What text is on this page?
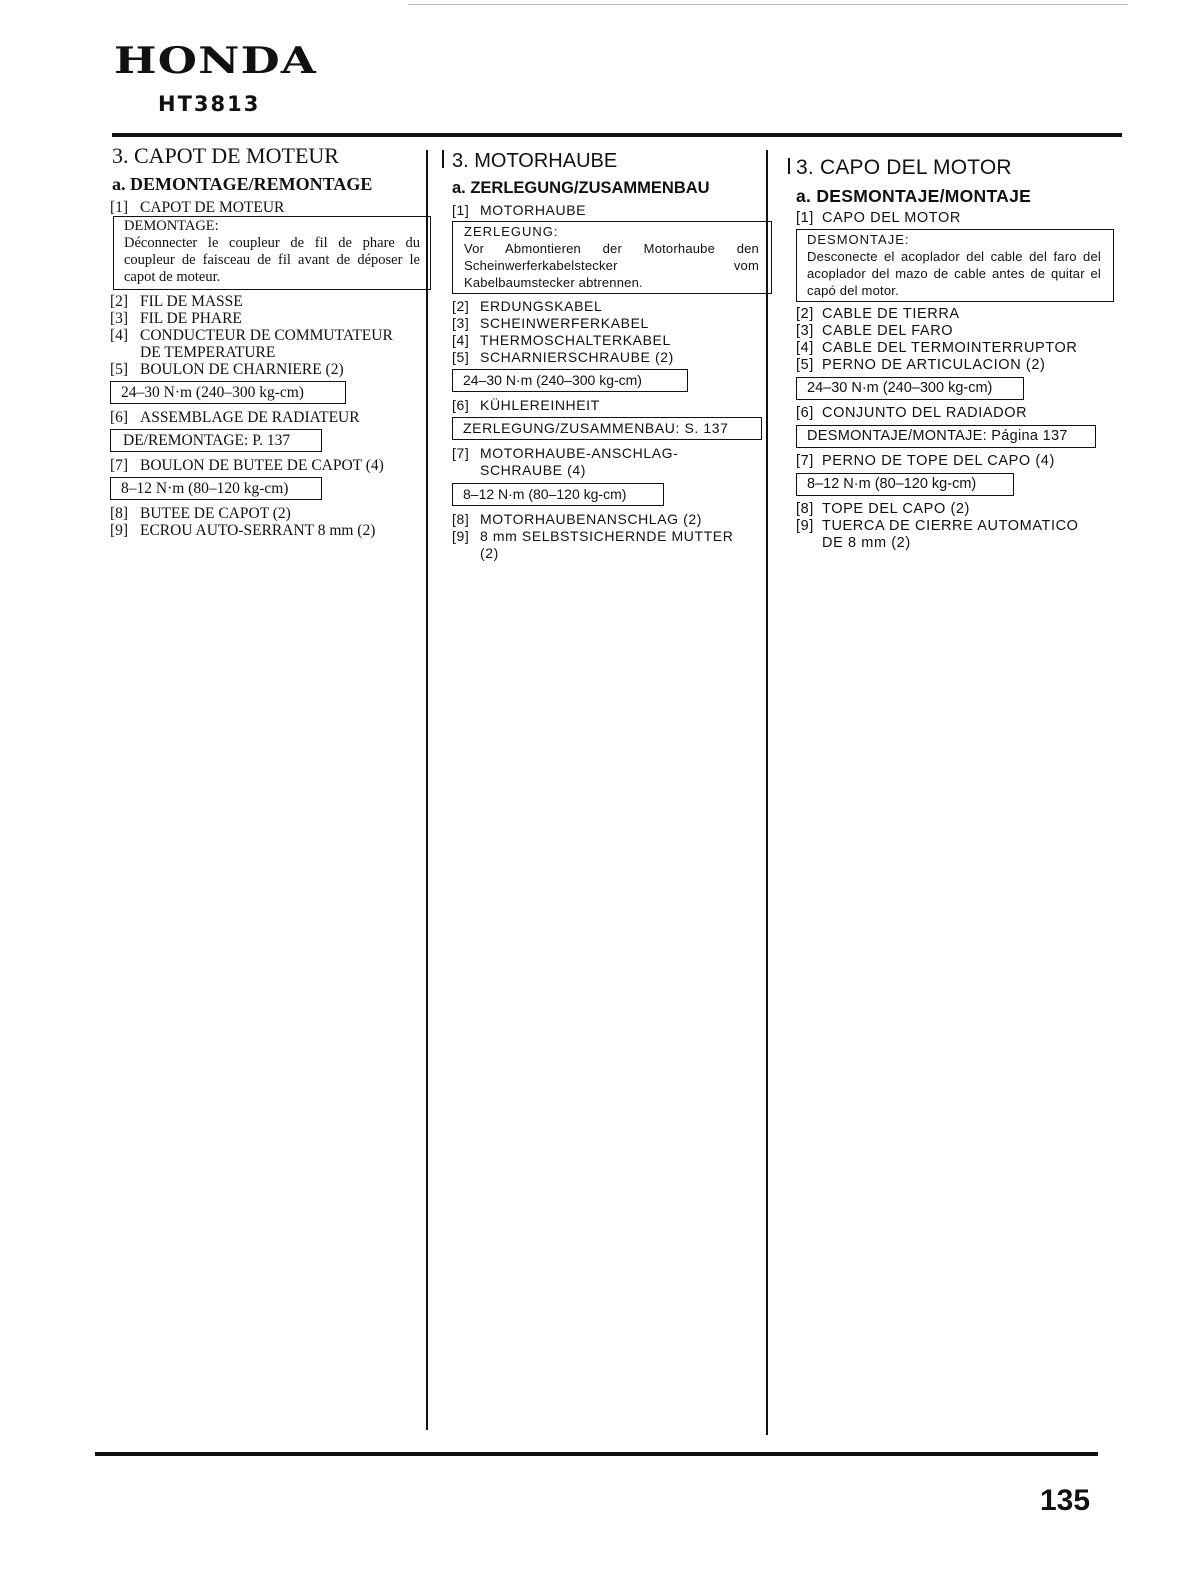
HONDA
HT3813
3. CAPOT DE MOTEUR
a. DEMONTAGE/REMONTAGE
[1] CAPOT DE MOTEUR
DEMONTAGE:
Déconnecter le coupleur de fil de phare du coupleur de faisceau de fil avant de déposer le capot de moteur.
[2] FIL DE MASSE
[3] FIL DE PHARE
[4] CONDUCTEUR DE COMMUTATEUR
DE TEMPERATURE
[5] BOULON DE CHARNIERE (2)
24–30 N·m (240–300 kg-cm)
[6] ASSEMBLAGE DE RADIATEUR
DE/REMONTAGE: P. 137
[7] BOULON DE BUTEE DE CAPOT (4)
8–12 N·m (80–120 kg-cm)
[8] BUTEE DE CAPOT (2)
[9] ECROU AUTO-SERRANT 8 mm (2)
3. MOTORHAUBE
a. ZERLEGUNG/ZUSAMMENBAU
[1] MOTORHAUBE
ZERLEGUNG:
Vor Abmontieren der Motorhaube den Scheinwerferkabelstecker vom Kabelbaumstecker abtrennen.
[2] ERDUNGSKABEL
[3] SCHEINWERFERKABEL
[4] THERMOSCHALTERKABEL
[5] SCHARNIERSCHRAUBE (2)
24–30 N·m (240–300 kg-cm)
[6] KÜHLEREINHEIT
ZERLEGUNG/ZUSAMMENBAU: S. 137
[7] MOTORHAUBE-ANSCHLAG-
SCHRAUBE (4)
8–12 N·m (80–120 kg-cm)
[8] MOTORHAUBENANSCHLAG (2)
[9] 8 mm SELBSTSICHERNDE MUTTER
(2)
3. CAPO DEL MOTOR
a. DESMONTAJE/MONTAJE
[1] CAPO DEL MOTOR
DESMONTAJE:
Desconecte el acoplador del cable del faro del acoplador del mazo de cable antes de quitar el capó del motor.
[2] CABLE DE TIERRA
[3] CABLE DEL FARO
[4] CABLE DEL TERMOINTERRUPTOR
[5] PERNO DE ARTICULACION (2)
24–30 N·m (240–300 kg-cm)
[6] CONJUNTO DEL RADIADOR
DESMONTAJE/MONTAJE: Página 137
[7] PERNO DE TOPE DEL CAPO (4)
8–12 N·m (80–120 kg-cm)
[8] TOPE DEL CAPO (2)
[9] TUERCA DE CIERRE AUTOMATICO
DE 8 mm (2)
135
